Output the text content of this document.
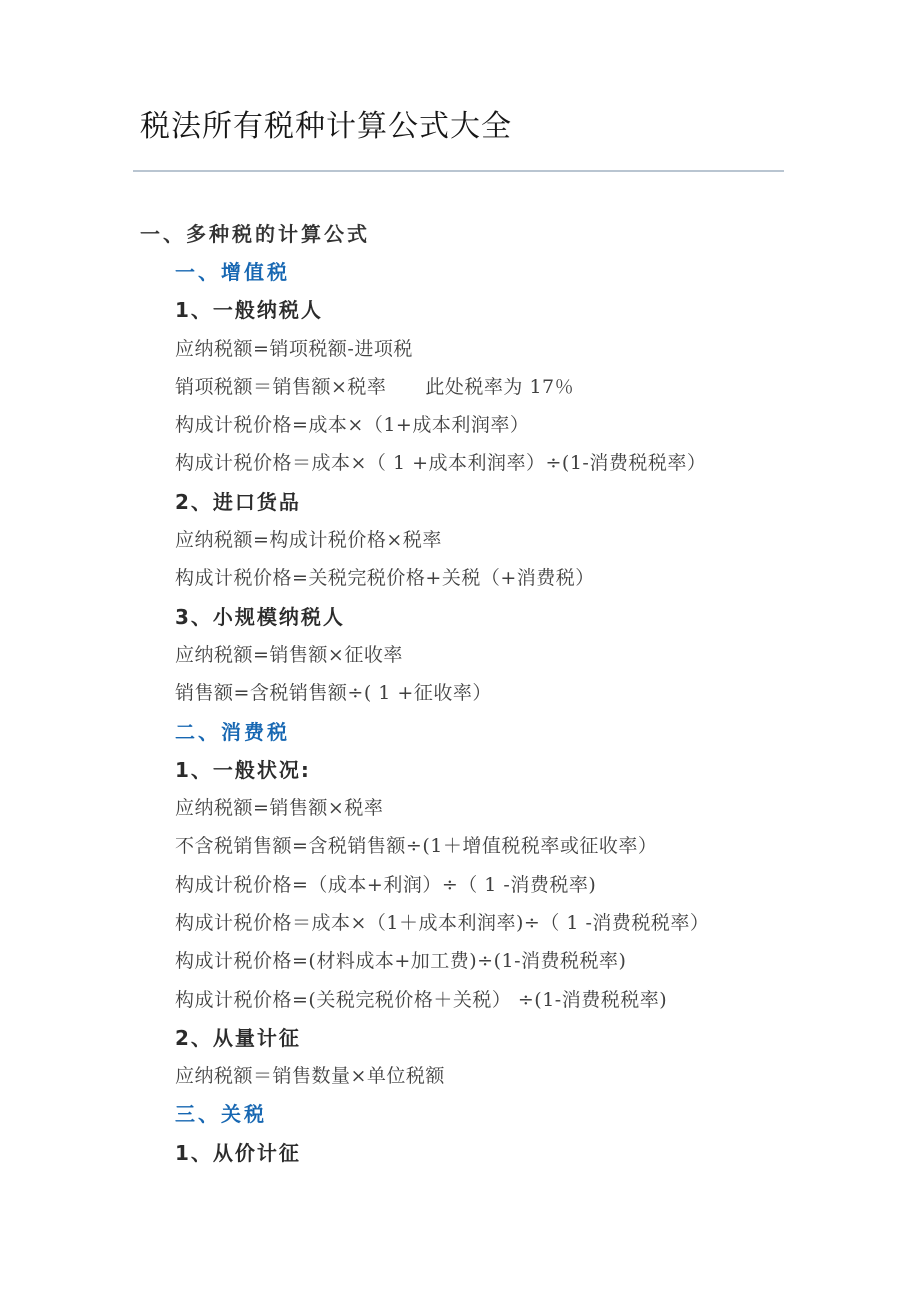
税法所有税种计算公式大全
一、多种税的计算公式
一、增值税
1、一般纳税人
应纳税额=销项税额-进项税
销项税额＝销售额×税率　　此处税率为 17％
构成计税价格=成本×（1+成本利润率）
构成计税价格＝成本×（ 1 +成本利润率）÷(1-消费税税率）
2、进口货品
应纳税额=构成计税价格×税率
构成计税价格=关税完税价格+关税（+消费税）
3、小规模纳税人
应纳税额=销售额×征收率
销售额=含税销售额÷( 1 +征收率）
二、消费税
1、一般状况:
应纳税额=销售额×税率
不含税销售额=含税销售额÷(1＋增值税税率或征收率）
构成计税价格=（成本+利润）÷（ 1 -消费税率)
构成计税价格＝成本×（1＋成本利润率)÷（ 1 -消费税税率）
构成计税价格=(材料成本+加工费)÷(1-消费税税率)
构成计税价格=(关税完税价格＋关税） ÷(1-消费税税率)
2、从量计征
应纳税额＝销售数量×单位税额
三、关税
1、从价计征
